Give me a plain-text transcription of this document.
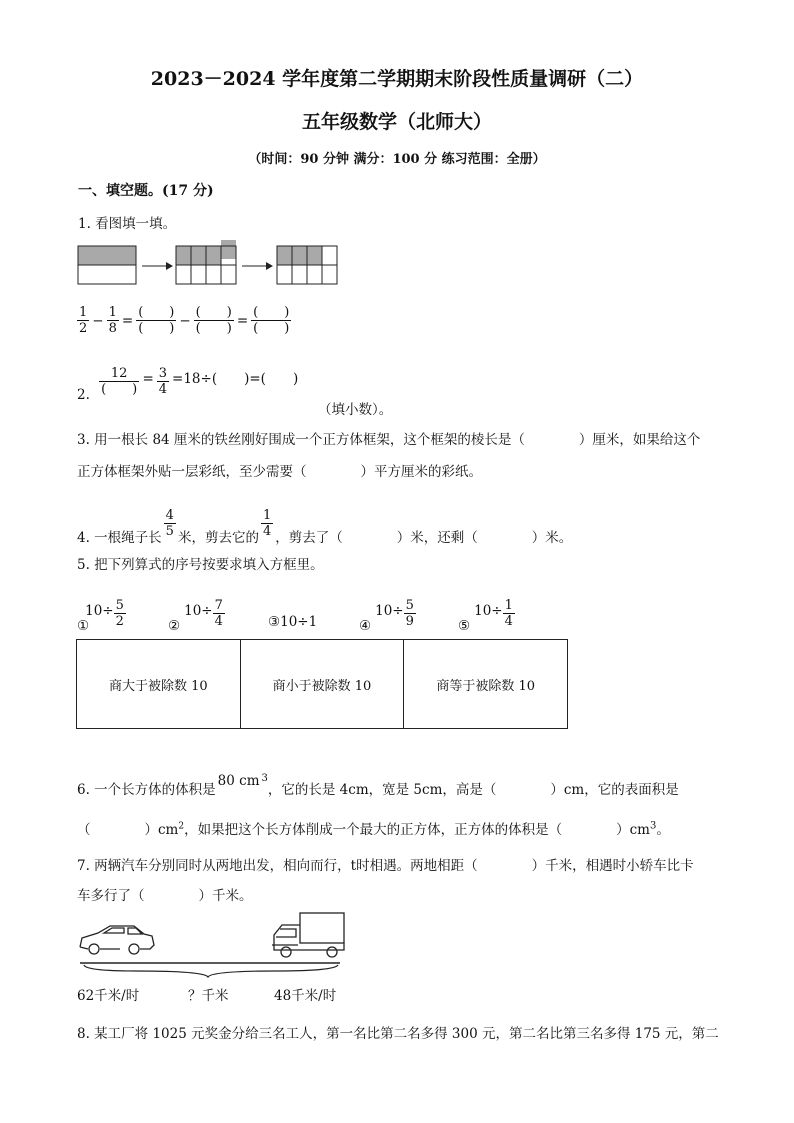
2023－2024 学年度第二学期期末阶段性质量调研（二）
五年级数学（北师大）
（时间：90 分钟 满分：100 分 练习范围：全册）
一、填空题。(17 分)
1. 看图填一填。
$\frac{1}{2} - \frac{1}{8} = \frac{( )}{( )} - \frac{( )}{( )} = \frac{( )}{( )}$
2. $\frac{12}{( )} = \frac{3}{4} =18\div$(　　)=(　　)
（填小数）。
3. 用一根长 84 厘米的铁丝刚好围成一个正方体框架，这个框架的棱长是（　　　　）厘米，如果给这个
正方体框架外贴一层彩纸，至少需要（　　　　）平方厘米的彩纸。
4. 一根绳子长 $\frac{4}{5}$ 米，剪去它的 $\frac{1}{4}$ ，剪去了（　　　　）米，还剩（　　　　）米。
5. 把下列算式的序号按要求填入方框里。
①
$10\div \frac{5}{2}$	②
$10\div \frac{7}{4}$	③ 10÷1	④
$10\div \frac{5}{9}$	⑤
$10\div \frac{1}{4}$
商大于被除数 10	商小于被除数 10	商等于被除数 10
6. 一个长方体的体积是80 cm $^3$，它的长是 4cm，宽是 5cm，高是（　　　　）cm，它的表面积是
（　　　　）$cm^2$，如果把这个长方体削成一个最大的正方体，正方体的体积是（　　　　）$cm^3$。
7. 两辆汽车分别同时从两地出发，相向而行，t时相遇。两地相距（　　　　）千米，相遇时小轿车比卡
车多行了（　　　　）千米。
62千米/时	？千米	48千米/时
8. 某工厂将 1025 元奖金分给三名工人，第一名比第二名多得 300 元，第二名比第三名多得 175 元，第二
